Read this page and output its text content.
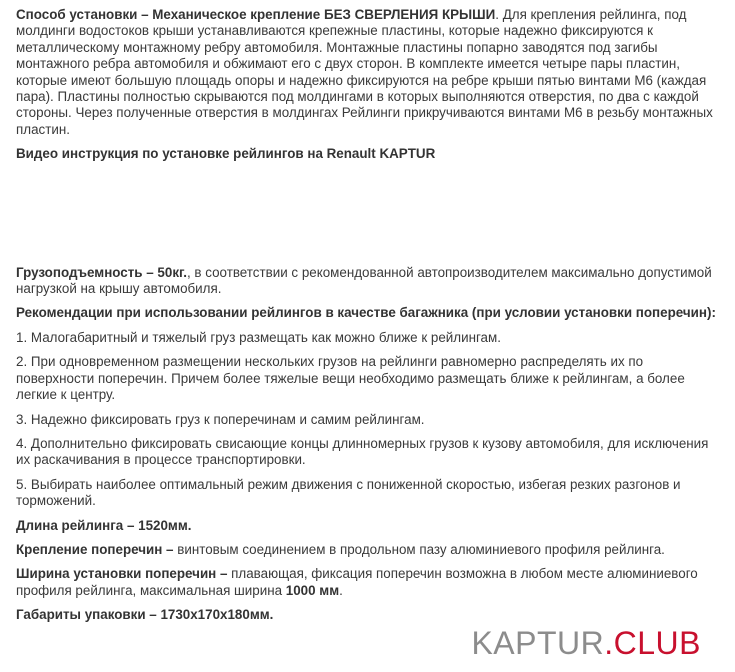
Способ установки – Механическое крепление БЕЗ СВЕРЛЕНИЯ КРЫШИ. Для крепления рейлинга, под молдинги водостоков крыши устанавливаются крепежные пластины, которые надежно фиксируются к металлическому монтажному ребру автомобиля. Монтажные пластины попарно заводятся под загибы монтажного ребра автомобиля и обжимают его с двух сторон. В комплекте имеется четыре пары пластин, которые имеют большую площадь опоры и надежно фиксируются на ребре крыши пятью винтами М6 (каждая пара). Пластины полностью скрываются под молдингами в которых выполняются отверстия, по два с каждой стороны. Через полученные отверстия в молдингах Рейлинги прикручиваются винтами М6 в резьбу монтажных пластин.

Видео инструкция по установке рейлингов на Renault KAPTUR

Грузоподъемность – 50кг., в соответствии с рекомендованной автопроизводителем максимально допустимой нагрузкой на крышу автомобиля.

Рекомендации при использовании рейлингов в качестве багажника (при условии установки поперечин):

1. Малогабаритный и тяжелый груз размещать как можно ближе к рейлингам.

2. При одновременном размещении нескольких грузов на рейлинги равномерно распределять их по поверхности поперечин. Причем более тяжелые вещи необходимо размещать ближе к рейлингам, а более легкие к центру.

3. Надежно фиксировать груз к поперечинам и самим рейлингам.

4. Дополнительно фиксировать свисающие концы длинномерных грузов к кузову автомобиля, для исключения их раскачивания в процессе транспортировки.

5. Выбирать наиболее оптимальный режим движения с пониженной скоростью, избегая резких разгонов и торможений.

Длина рейлинга – 1520мм.

Крепление поперечин – винтовым соединением в продольном пазу алюминиевого профиля рейлинга.

Ширина установки поперечин – плавающая, фиксация поперечин возможна в любом месте алюминиевого профиля рейлинга, максимальная ширина 1000 мм.

Габариты упаковки – 1730x170x180мм.

KAPTUR.CLUB
